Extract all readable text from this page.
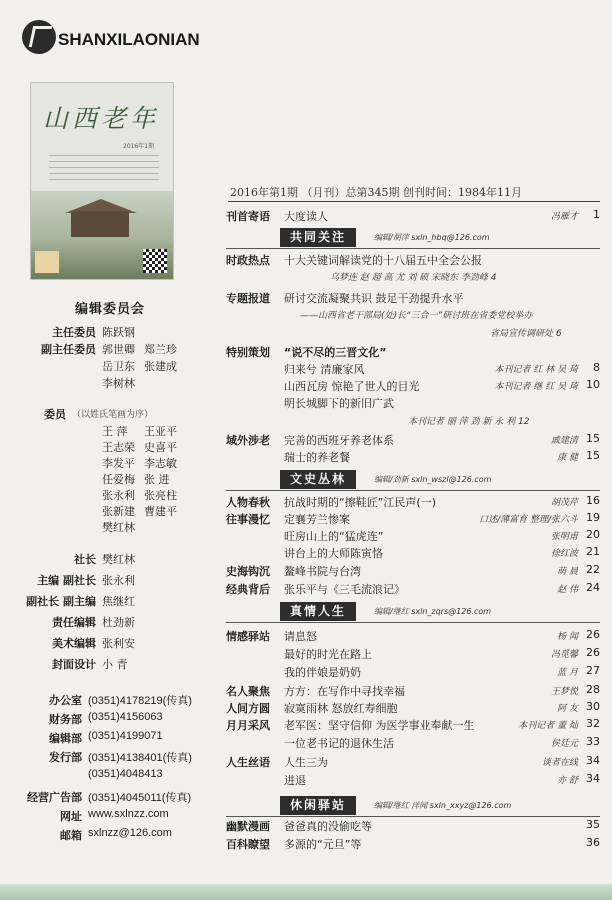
SHANXILAONIAN
山西老年
2016年1期
编辑委员会
主任委员 陈跃钢
副主任委员 郭世卿 郑兰珍
岳卫东 张建成
李树林
委员 （以姓氏笔画为序）
王 萍 王亚平
王志荣 史喜平
李发平 李志敏
任爱梅 张 进
张永利 张亮柱
张新建 曹建平
樊红林
社长 樊红林
主编 副社长 张永利
副社长 副主编 焦继红
责任编辑 杜劲新
美术编辑 张利安
封面设计 小 青
办公室 (0351)4178219(传真)
财务部 (0351)4156063
编辑部 (0351)4199071
发行部 (0351)4138401(传真)
(0351)4048413
经营广告部 (0351)4045011(传真)
网址 www.sxlnzz.com
邮箱 sxlnzz@126.com
2016年第1期 （月刊）总第345期 创刊时间：1984年11月
刊首寄语	大度读人	冯雁才	1
共同关注	编辑/胡萍 sxln_hbq@126.com
时政热点	十大关键词解读党的十八届五中全会公报
乌梦连 赵 超 高 尤 刘 硕 宋晓东 李劲峰 4
专题报道	研讨交流凝聚共识 鼓足干劲提升水平
——山西省老干部局(处)长“三合一”研讨班在省委党校举办
省局宣传调研处 6
特别策划	“说不尽的三晋文化”
归来兮 清廉家风	本刊记者 红 林 吴 琦	8
山西瓦房 惊艳了世人的目光	本刊记者 继 红 吴 琦 10
明长城脚下的新旧广武
本刊记者 丽 萍 劲 新 永 利 12
域外涉老	完善的西班牙养老体系	戚建清 15
瑞士的养老餐	康 健 15
文史丛林	编辑/劲新 sxln_wszl@126.com
人物春秋	抗战时期的“擦鞋匠”江民声(一)	胡茂芹 16
往事漫忆	定襄芳兰惨案	口述/薄富育 整理/张六斗 19
旺房山上的“猛虎连”	张明甫 20
讲台上的大师陈寅恪	徐红波 21
史海钩沉	鳌峰书院与台湾	萌 晨 22
经典背后	张乐平与《三毛流浪记》	赵 伟 24
真情人生	编辑/继红 sxln_zqrs@126.com
情感驿站	请息怒	杨 闻 26
最好的时光在路上	冯觅馨 26
我的伴娘是奶奶	蓝 月 27
名人聚焦	方方：在写作中寻找幸福	王梦悦 28
人间方圆	寂寞雨林 怒放红寿细胞	阿 友 30
月月采风	老军医：坚守信仰 为医学事业奉献一生	本刊记者 董 灿 32
一位老书记的退休生活	侯廷元 33
人生丝语	人生三为	谈者在线 34
进退	亦 舒 34
休闲驿站	编辑/继红 洋闻 sxln_xxyz@126.com
幽默漫画	爸爸真的没偷吃等	35
百科瞭望	多源的“元旦”等	36
